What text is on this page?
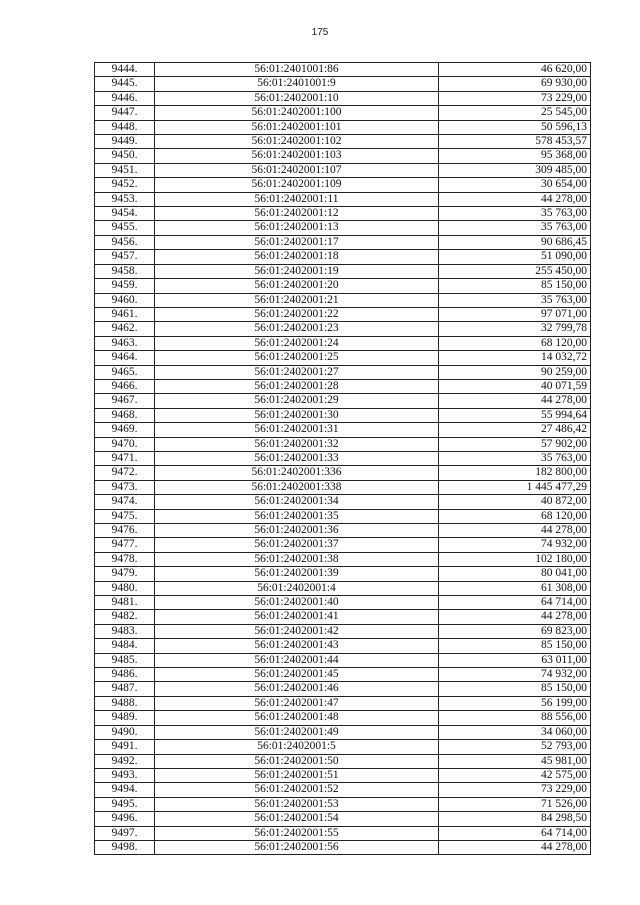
175
9444.	56:01:2401001:86	46 620,00
9445.	56:01:2401001:9	69 930,00
9446.	56:01:2402001:10	73 229,00
9447.	56:01:2402001:100	25 545,00
9448.	56:01:2402001:101	50 596,13
9449.	56:01:2402001:102	578 453,57
9450.	56:01:2402001:103	95 368,00
9451.	56:01:2402001:107	309 485,00
9452.	56:01:2402001:109	30 654,00
9453.	56:01:2402001:11	44 278,00
9454.	56:01:2402001:12	35 763,00
9455.	56:01:2402001:13	35 763,00
9456.	56:01:2402001:17	90 686,45
9457.	56:01:2402001:18	51 090,00
9458.	56:01:2402001:19	255 450,00
9459.	56:01:2402001:20	85 150,00
9460.	56:01:2402001:21	35 763,00
9461.	56:01:2402001:22	97 071,00
9462.	56:01:2402001:23	32 799,78
9463.	56:01:2402001:24	68 120,00
9464.	56:01:2402001:25	14 032,72
9465.	56:01:2402001:27	90 259,00
9466.	56:01:2402001:28	40 071,59
9467.	56:01:2402001:29	44 278,00
9468.	56:01:2402001:30	55 994,64
9469.	56:01:2402001:31	27 486,42
9470.	56:01:2402001:32	57 902,00
9471.	56:01:2402001:33	35 763,00
9472.	56:01:2402001:336	182 800,00
9473.	56:01:2402001:338	1 445 477,29
9474.	56:01:2402001:34	40 872,00
9475.	56:01:2402001:35	68 120,00
9476.	56:01:2402001:36	44 278,00
9477.	56:01:2402001:37	74 932,00
9478.	56:01:2402001:38	102 180,00
9479.	56:01:2402001:39	80 041,00
9480.	56:01:2402001:4	61 308,00
9481.	56:01:2402001:40	64 714,00
9482.	56:01:2402001:41	44 278,00
9483.	56:01:2402001:42	69 823,00
9484.	56:01:2402001:43	85 150,00
9485.	56:01:2402001:44	63 011,00
9486.	56:01:2402001:45	74 932,00
9487.	56:01:2402001:46	85 150,00
9488.	56:01:2402001:47	56 199,00
9489.	56:01:2402001:48	88 556,00
9490.	56:01:2402001:49	34 060,00
9491.	56:01:2402001:5	52 793,00
9492.	56:01:2402001:50	45 981,00
9493.	56:01:2402001:51	42 575,00
9494.	56:01:2402001:52	73 229,00
9495.	56:01:2402001:53	71 526,00
9496.	56:01:2402001:54	84 298,50
9497.	56:01:2402001:55	64 714,00
9498.	56:01:2402001:56	44 278,00
